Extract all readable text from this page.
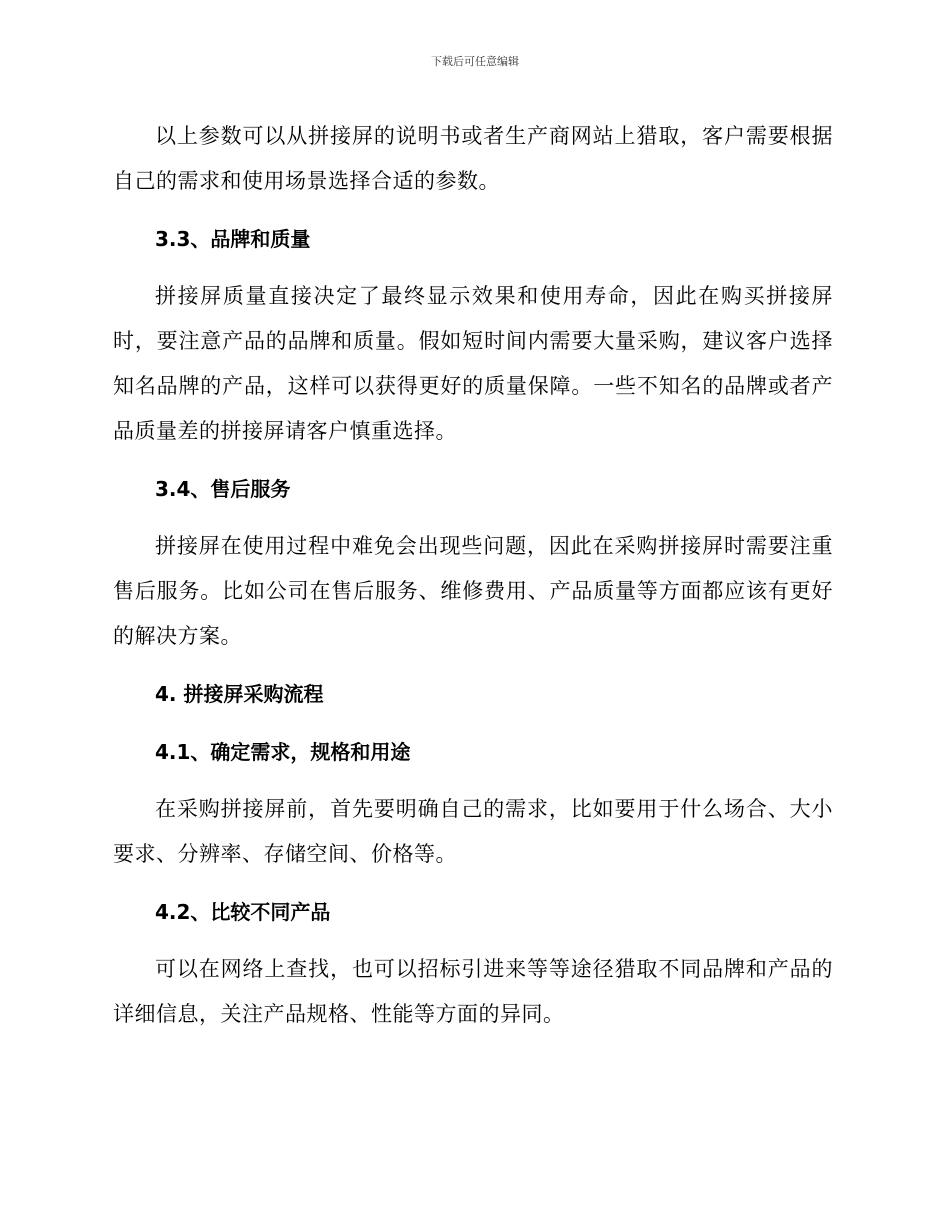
下载后可任意编辑

以上参数可以从拼接屏的说明书或者生产商网站上猎取，客户需要根据自己的需求和使用场景选择合适的参数。

3.3、品牌和质量

拼接屏质量直接决定了最终显示效果和使用寿命，因此在购买拼接屏时，要注意产品的品牌和质量。假如短时间内需要大量采购，建议客户选择知名品牌的产品，这样可以获得更好的质量保障。一些不知名的品牌或者产品质量差的拼接屏请客户慎重选择。

3.4、售后服务

拼接屏在使用过程中难免会出现些问题，因此在采购拼接屏时需要注重售后服务。比如公司在售后服务、维修费用、产品质量等方面都应该有更好的解决方案。

4. 拼接屏采购流程
4.1、确定需求，规格和用途

在采购拼接屏前，首先要明确自己的需求，比如要用于什么场合、大小要求、分辨率、存储空间、价格等。

4.2、比较不同产品

可以在网络上查找，也可以招标引进来等等途径猎取不同品牌和产品的详细信息，关注产品规格、性能等方面的异同。
